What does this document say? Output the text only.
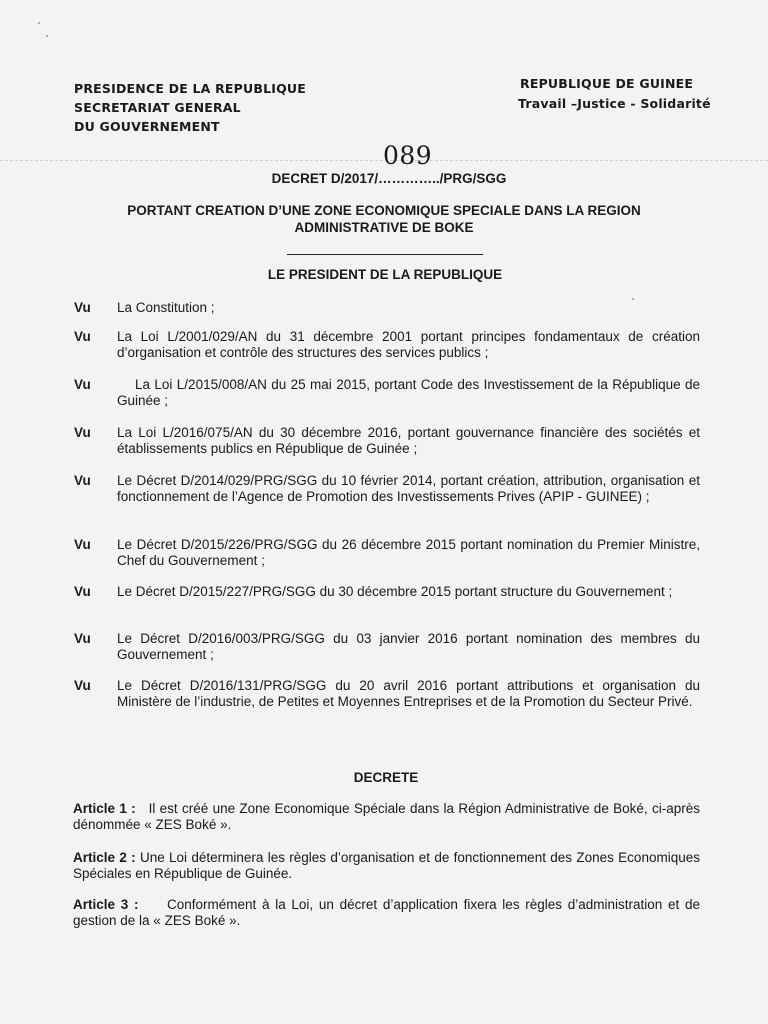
PRESIDENCE DE LA REPUBLIQUE
SECRETARIAT GENERAL
DU GOUVERNEMENT
REPUBLIQUE DE GUINEE
Travail –Justice - Solidarité
089
DECRET D/2017/…………../PRG/SGG
PORTANT CREATION D’UNE ZONE ECONOMIQUE SPECIALE DANS LA REGION ADMINISTRATIVE DE BOKE
LE PRESIDENT DE LA REPUBLIQUE
Vu La Constitution ;
Vu La Loi L/2001/029/AN du 31 décembre 2001 portant principes fondamentaux de création d’organisation et contrôle des structures des services publics ;
Vu	La Loi L/2015/008/AN du 25 mai 2015, portant Code des Investissement de la République de Guinée ;
Vu La Loi L/2016/075/AN du 30 décembre 2016, portant gouvernance financière des sociétés et établissements publics en République de Guinée ;
Vu Le Décret D/2014/029/PRG/SGG du 10 février 2014, portant création, attribution, organisation et fonctionnement de l’Agence de Promotion des Investissements Prives (APIP - GUINEE) ;
Vu Le Décret D/2015/226/PRG/SGG du 26 décembre 2015 portant nomination du Premier Ministre, Chef du Gouvernement ;
Vu Le Décret D/2015/227/PRG/SGG du 30 décembre 2015 portant structure du Gouvernement ;
Vu Le Décret D/2016/003/PRG/SGG du 03 janvier 2016 portant nomination des membres du Gouvernement ;
Vu Le Décret D/2016/131/PRG/SGG du 20 avril 2016 portant attributions et organisation du Ministère de l’industrie, de Petites et Moyennes Entreprises et de la Promotion du Secteur Privé.
DECRETE
Article 1 : Il est créé une Zone Economique Spéciale dans la Région Administrative de Boké, ci-après dénommée « ZES Boké ».
Article 2 : Une Loi déterminera les règles d’organisation et de fonctionnement des Zones Economiques Spéciales en République de Guinée.
Article 3 : Conformément à la Loi, un décret d’application fixera les règles d’administration et de gestion de la « ZES Boké ».
